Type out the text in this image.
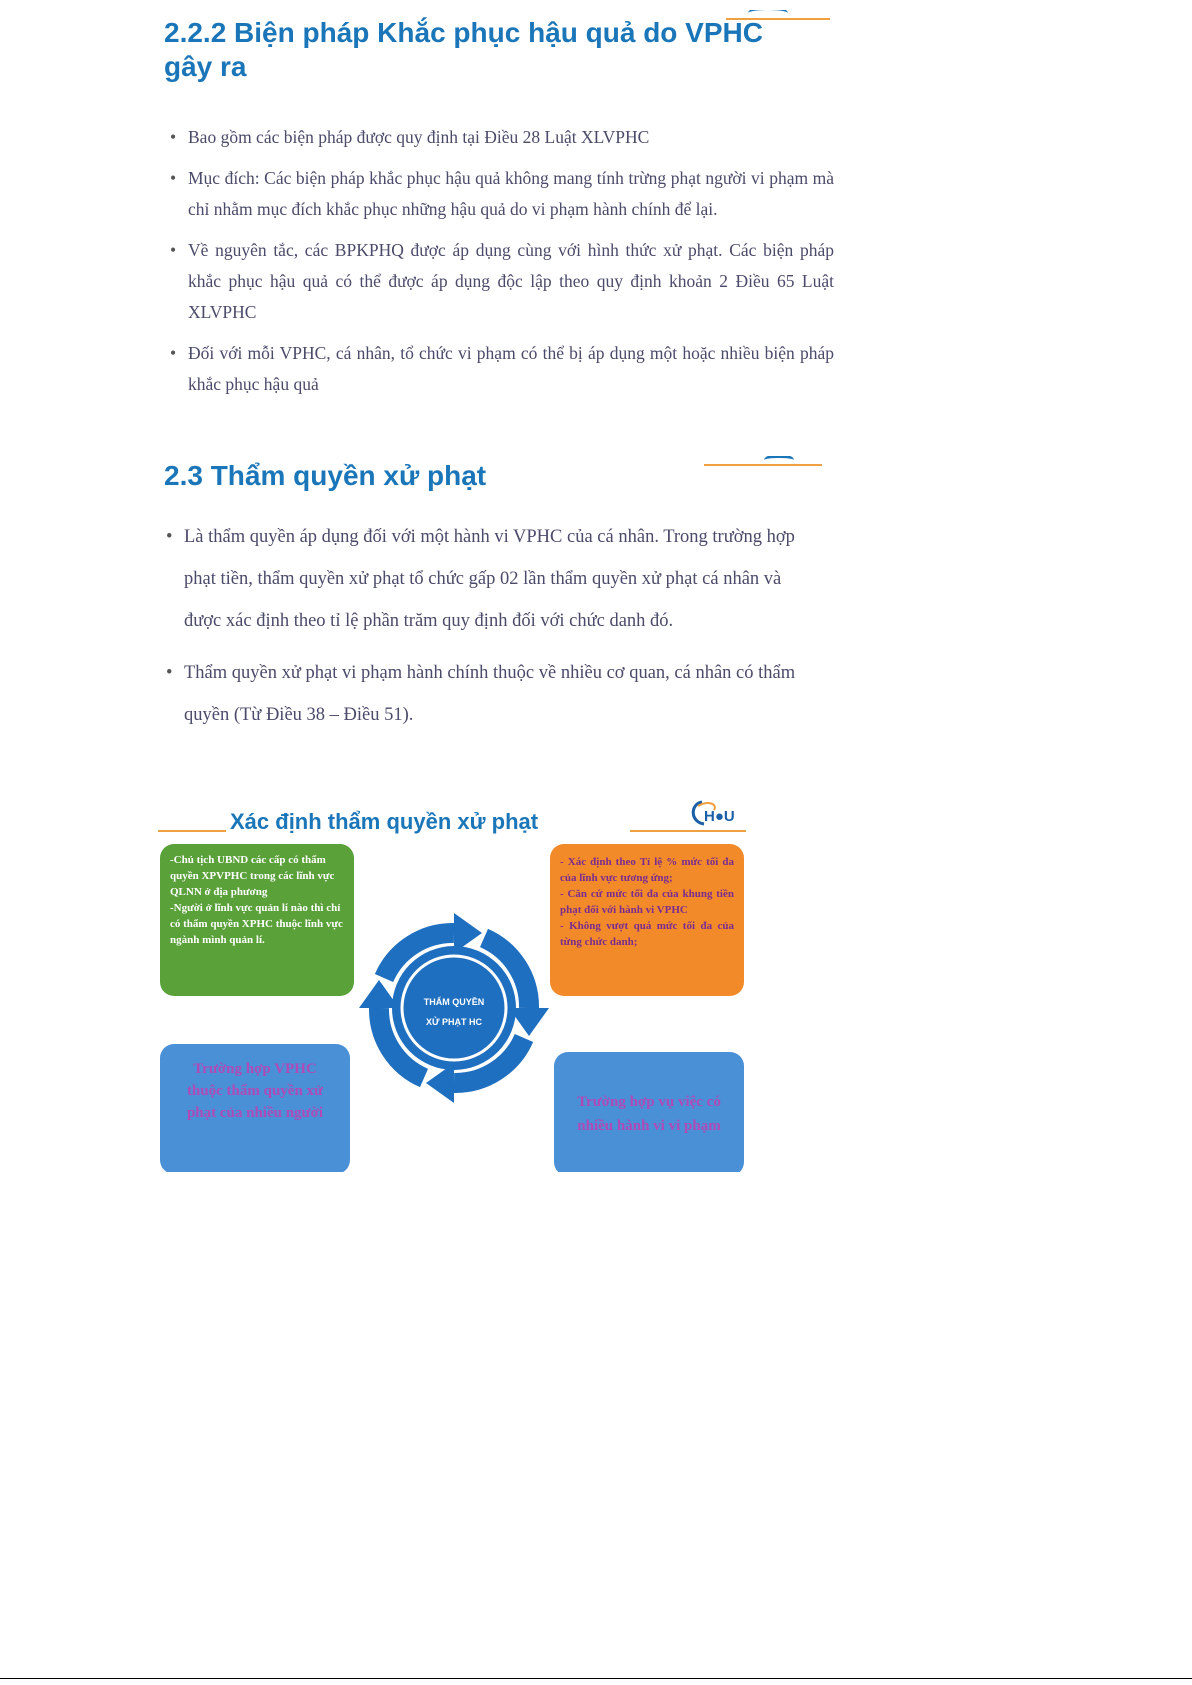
2.2.2 Biện pháp Khắc phục hậu quả do VPHC gây ra
• Bao gồm các biện pháp được quy định tại Điều 28 Luật XLVPHC
• Mục đích: Các biện pháp khắc phục hậu quả không mang tính trừng phạt người vi phạm mà chỉ nhằm mục đích khắc phục những hậu quả do vi phạm hành chính để lại.
• Về nguyên tắc, các BPKPHQ được áp dụng cùng với hình thức xử phạt. Các biện pháp khắc phục hậu quả có thể được áp dụng độc lập theo quy định khoản 2 Điều 65 Luật XLVPHC
• Đối với mỗi VPHC, cá nhân, tổ chức vi phạm có thể bị áp dụng một hoặc nhiều biện pháp khắc phục hậu quả
2.3 Thẩm quyền xử phạt
• Là thẩm quyền áp dụng đối với một hành vi VPHC của cá nhân. Trong trường hợp phạt tiền, thẩm quyền xử phạt tổ chức gấp 02 lần thẩm quyền xử phạt cá nhân và được xác định theo tỉ lệ phần trăm quy định đối với chức danh đó.
• Thẩm quyền xử phạt vi phạm hành chính thuộc về nhiều cơ quan, cá nhân có thẩm quyền (Từ Điều 38 – Điều 51).
Xác định thẩm quyền xử phạt	H●U
-Chủ tịch UBND các cấp có thẩm quyền XPVPHC trong các lĩnh vực QLNN ở địa phương
-Người ở lĩnh vực quản lí nào thì chỉ có thẩm quyền XPHC thuộc lĩnh vực ngành mình quản lí.
- Xác định theo Tỉ lệ % mức tối đa của lĩnh vực tương ứng;
- Căn cứ mức tối đa của khung tiền phạt đối với hành vi VPHC
- Không vượt quá mức tối đa của từng chức danh;
THẨM QUYỀN
XỬ PHẠT HC
Trường hợp VPHC thuộc thẩm quyền xử phạt của nhiều người
Trường hợp vụ việc có nhiều hành vi vi phạm
